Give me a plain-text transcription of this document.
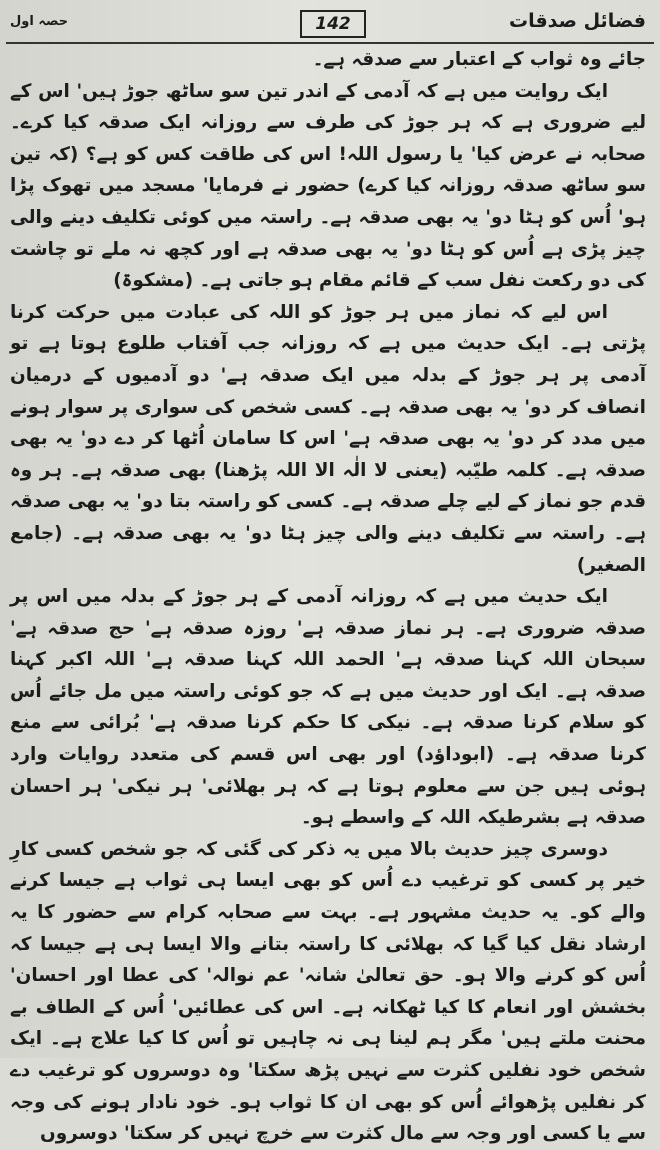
فضائل صدقات
142
حصہ اول

جائے وہ ثواب کے اعتبار سے صدقہ ہے۔

ایک روایت میں ہے کہ آدمی کے اندر تین سو ساٹھ جوڑ ہیں' اس کے لیے ضروری ہے کہ ہر جوڑ کی طرف سے روزانہ ایک صدقہ کیا کرے۔ صحابہ نے عرض کیا' یا رسول اللہ! اس کی طاقت کس کو ہے؟ (کہ تین سو ساٹھ صدقہ روزانہ کیا کرے) حضور نے فرمایا' مسجد میں تھوک پڑا ہو' اُس کو ہٹا دو' یہ بھی صدقہ ہے۔ راستہ میں کوئی تکلیف دینے والی چیز پڑی ہے اُس کو ہٹا دو' یہ بھی صدقہ ہے اور کچھ نہ ملے تو چاشت کی دو رکعت نفل سب کے قائم مقام ہو جاتی ہے۔ (مشکوۃ)

اس لیے کہ نماز میں ہر جوڑ کو اللہ کی عبادت میں حرکت کرنا پڑتی ہے۔ ایک حدیث میں ہے کہ روزانہ جب آفتاب طلوع ہوتا ہے تو آدمی پر ہر جوڑ کے بدلہ میں ایک صدقہ ہے' دو آدمیوں کے درمیان انصاف کر دو' یہ بھی صدقہ ہے۔ کسی شخص کی سواری پر سوار ہونے میں مدد کر دو' یہ بھی صدقہ ہے' اس کا سامان اُٹھا کر دے دو' یہ بھی صدقہ ہے۔ کلمہ طیّبہ (یعنی لا الٰہ الا اللہ پڑھنا) بھی صدقہ ہے۔ ہر وہ قدم جو نماز کے لیے چلے صدقہ ہے۔ کسی کو راستہ بتا دو' یہ بھی صدقہ ہے۔ راستہ سے تکلیف دینے والی چیز ہٹا دو' یہ بھی صدقہ ہے۔ (جامع الصغیر)

ایک حدیث میں ہے کہ روزانہ آدمی کے ہر جوڑ کے بدلہ میں اس پر صدقہ ضروری ہے۔ ہر نماز صدقہ ہے' روزہ صدقہ ہے' حج صدقہ ہے' سبحان اللہ کہنا صدقہ ہے' الحمد اللہ کہنا صدقہ ہے' اللہ اکبر کہنا صدقہ ہے۔ ایک اور حدیث میں ہے کہ جو کوئی راستہ میں مل جائے اُس کو سلام کرنا صدقہ ہے۔ نیکی کا حکم کرنا صدقہ ہے' بُرائی سے منع کرنا صدقہ ہے۔ (ابوداؤد) اور بھی اس قسم کی متعدد روایات وارد ہوئی ہیں جن سے معلوم ہوتا ہے کہ ہر بھلائی' ہر نیکی' ہر احسان صدقہ ہے بشرطیکہ اللہ کے واسطے ہو۔

دوسری چیز حدیث بالا میں یہ ذکر کی گئی کہ جو شخص کسی کارِ خیر پر کسی کو ترغیب دے اُس کو بھی ایسا ہی ثواب ہے جیسا کرنے والے کو۔ یہ حدیث مشہور ہے۔ بہت سے صحابہ کرام سے حضور کا یہ ارشاد نقل کیا گیا کہ بھلائی کا راستہ بتانے والا ایسا ہی ہے جیسا کہ اُس کو کرنے والا ہو۔ حق تعالیٰ شانہ' عم نوالہ' کی عطا اور احسان' بخشش اور انعام کا کیا ٹھکانہ ہے۔ اس کی عطائیں' اُس کے الطاف بے محنت ملتے ہیں' مگر ہم لینا ہی نہ چاہیں تو اُس کا کیا علاج ہے۔ ایک شخص خود نفلیں کثرت سے نہیں پڑھ سکتا' وہ دوسروں کو ترغیب دے کر نفلیں پڑھوائے اُس کو بھی ان کا ثواب ہو۔ خود نادار ہونے کی وجہ سے یا کسی اور وجہ سے مال کثرت سے خرچ نہیں کر سکتا' دوسروں
